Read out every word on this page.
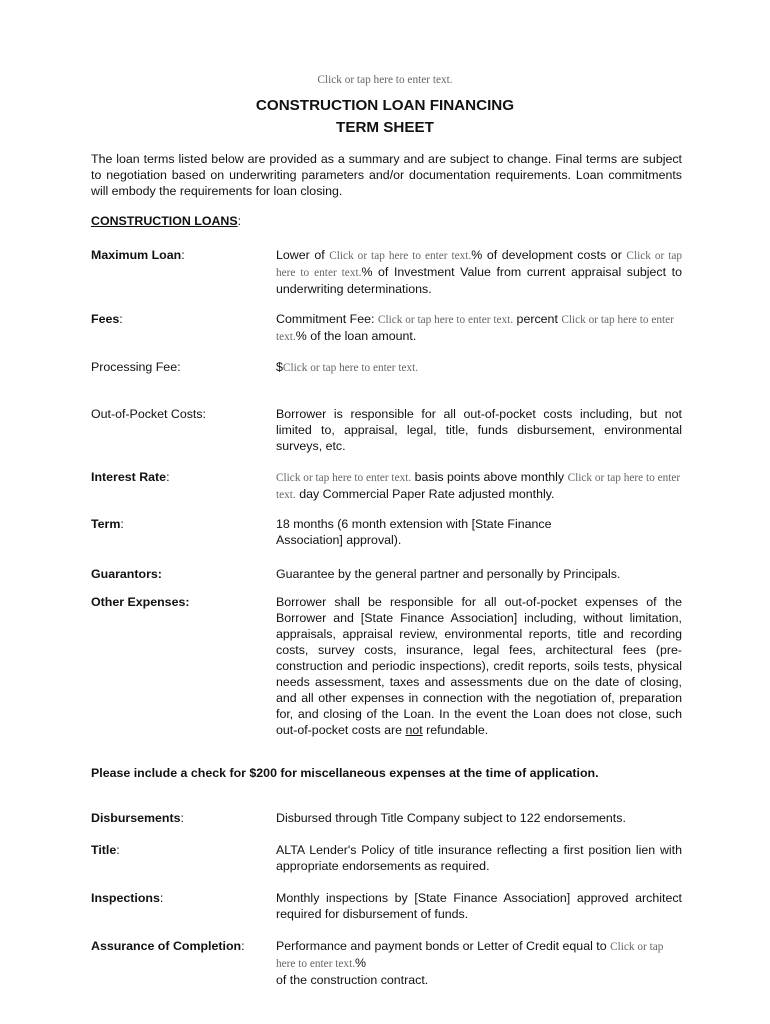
Click or tap here to enter text.
CONSTRUCTION LOAN FINANCING
TERM SHEET
The loan terms listed below are provided as a summary and are subject to change. Final terms are subject to negotiation based on underwriting parameters and/or documentation requirements. Loan commitments will embody the requirements for loan closing.
CONSTRUCTION LOANS:
Maximum Loan:	Lower of Click or tap here to enter text.% of development costs or Click or tap here to enter text.% of Investment Value from current appraisal subject to underwriting determinations.
Fees:	Commitment Fee: Click or tap here to enter text. percent Click or tap here to enter text.% of the loan amount.
Processing Fee:	$Click or tap here to enter text.
Out-of-Pocket Costs:	Borrower is responsible for all out-of-pocket costs including, but not limited to, appraisal, legal, title, funds disbursement, environmental surveys, etc.
Interest Rate:	Click or tap here to enter text. basis points above monthly Click or tap here to enter text. day Commercial Paper Rate adjusted monthly.
Term:	18 months (6 month extension with [State Finance
Association] approval).
Guarantors:	Guarantee by the general partner and personally by Principals.
Other Expenses:	Borrower shall be responsible for all out-of-pocket expenses of the Borrower and [State Finance Association] including, without limitation, appraisals, appraisal review, environmental reports, title and recording costs, survey costs, insurance, legal fees, architectural fees (pre- construction and periodic inspections), credit reports, soils tests, physical needs assessment, taxes and assessments due on the date of closing, and all other expenses in connection with the negotiation of, preparation for, and closing of the Loan. In the event the Loan does not close, such out-of-pocket costs are not refundable.
Please include a check for $200 for miscellaneous expenses at the time of application.
Disbursements:	Disbursed through Title Company subject to 122 endorsements.
Title:	ALTA Lender's Policy of title insurance reflecting a first position lien with appropriate endorsements as required.
Inspections:	Monthly inspections by [State Finance Association] approved architect required for disbursement of funds.
Assurance of Completion:	Performance and payment bonds or Letter of Credit equal to Click or tap here to enter text.%
of the construction contract.
